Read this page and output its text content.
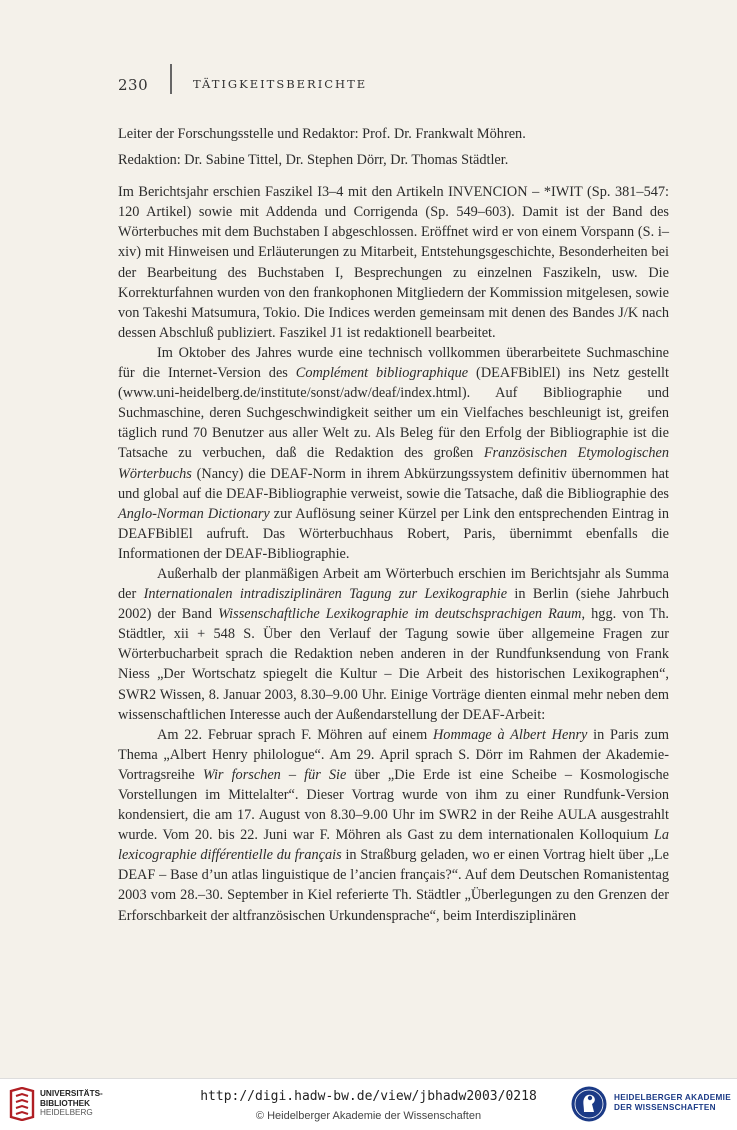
230	TÄTIGKEITSBERICHTE

Leiter der Forschungsstelle und Redaktor: Prof. Dr. Frankwalt Möhren.

Redaktion: Dr. Sabine Tittel, Dr. Stephen Dörr, Dr. Thomas Städtler.

Im Berichtsjahr erschien Faszikel I3–4 mit den Artikeln INVENCION – *IWIT (Sp. 381–547: 120 Artikel) sowie mit Addenda und Corrigenda (Sp. 549–603). Damit ist der Band des Wörterbuches mit dem Buchstaben I abgeschlossen. Eröffnet wird er von einem Vorspann (S. i–xiv) mit Hinweisen und Erläuterungen zu Mitarbeit, Entstehungsgeschichte, Besonderheiten bei der Bearbeitung des Buchstaben I, Besprechungen zu einzelnen Faszikeln, usw. Die Korrekturfahnen wurden von den frankophonen Mitgliedern der Kommission mitgelesen, sowie von Takeshi Matsumura, Tokio. Die Indices werden gemeinsam mit denen des Bandes J/K nach dessen Abschluß publiziert. Faszikel J1 ist redaktionell bearbeitet.

Im Oktober des Jahres wurde eine technisch vollkommen überarbeitete Suchmaschine für die Internet-Version des Complément bibliographique (DEAFBiblEl) ins Netz gestellt (www.uni-heidelberg.de/institute/sonst/adw/deaf/index.html). Auf Bibliographie und Suchmaschine, deren Suchgeschwindigkeit seither um ein Vielfaches beschleunigt ist, greifen täglich rund 70 Benutzer aus aller Welt zu. Als Beleg für den Erfolg der Bibliographie ist die Tatsache zu verbuchen, daß die Redaktion des großen Französischen Etymologischen Wörterbuchs (Nancy) die DEAF-Norm in ihrem Abkürzungssystem definitiv übernommen hat und global auf die DEAF-Bibliographie verweist, sowie die Tatsache, daß die Bibliographie des Anglo-Norman Dictionary zur Auflösung seiner Kürzel per Link den entsprechenden Eintrag in DEAFBiblEl aufruft. Das Wörterbuchhaus Robert, Paris, übernimmt ebenfalls die Informationen der DEAF-Bibliographie.

Außerhalb der planmäßigen Arbeit am Wörterbuch erschien im Berichtsjahr als Summa der Internationalen intradisziplinären Tagung zur Lexikographie in Berlin (siehe Jahrbuch 2002) der Band Wissenschaftliche Lexikographie im deutschsprachigen Raum, hgg. von Th. Städtler, xii + 548 S. Über den Verlauf der Tagung sowie über allgemeine Fragen zur Wörterbucharbeit sprach die Redaktion neben anderen in der Rundfunksendung von Frank Niess „Der Wortschatz spiegelt die Kultur – Die Arbeit des historischen Lexikographen“, SWR2 Wissen, 8. Januar 2003, 8.30–9.00 Uhr. Einige Vorträge dienten einmal mehr neben dem wissenschaftlichen Interesse auch der Außendarstellung der DEAF-Arbeit:

Am 22. Februar sprach F. Möhren auf einem Hommage à Albert Henry in Paris zum Thema „Albert Henry philologue“. Am 29. April sprach S. Dörr im Rahmen der Akademie-Vortragsreihe Wir forschen – für Sie über „Die Erde ist eine Scheibe – Kosmologische Vorstellungen im Mittelalter“. Dieser Vortrag wurde von ihm zu einer Rundfunk-Version kondensiert, die am 17. August von 8.30–9.00 Uhr im SWR2 in der Reihe AULA ausgestrahlt wurde. Vom 20. bis 22. Juni war F. Möhren als Gast zu dem internationalen Kolloquium La lexicographie différentielle du français in Straßburg geladen, wo er einen Vortrag hielt über „Le DEAF – Base d’un atlas linguistique de l’ancien français?“. Auf dem Deutschen Romanistentag 2003 vom 28.–30. September in Kiel referierte Th. Städtler „Überlegungen zu den Grenzen der Erforschbarkeit der altfranzösischen Urkundensprache“, beim Interdisziplinären

UNIVERSITÄTS-
BIBLIOTHEK
HEIDELBERG
http://digi.hadw-bw.de/view/jbhadw2003/0218
© Heidelberger Akademie der Wissenschaften
HEIDELBERGER AKADEMIE
DER WISSENSCHAFTEN
